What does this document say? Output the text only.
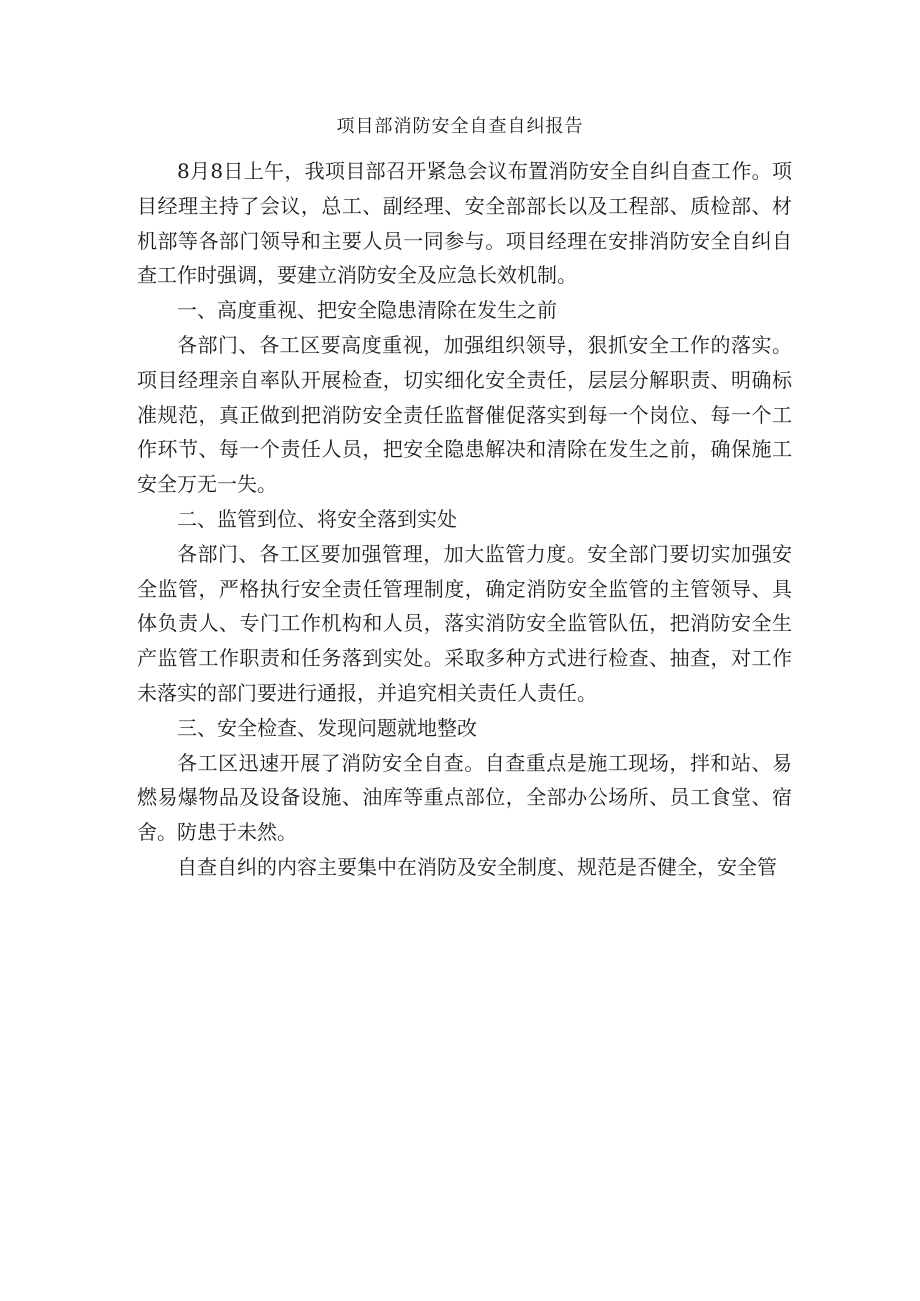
项目部消防安全自查自纠报告

8月8日上午，我项目部召开紧急会议布置消防安全自纠自查工作。项目经理主持了会议，总工、副经理、安全部部长以及工程部、质检部、材机部等各部门领导和主要人员一同参与。项目经理在安排消防安全自纠自查工作时强调，要建立消防安全及应急长效机制。

一、高度重视、把安全隐患清除在发生之前

各部门、各工区要高度重视，加强组织领导，狠抓安全工作的落实。项目经理亲自率队开展检查，切实细化安全责任，层层分解职责、明确标准规范，真正做到把消防安全责任监督催促落实到每一个岗位、每一个工作环节、每一个责任人员，把安全隐患解决和清除在发生之前，确保施工安全万无一失。

二、监管到位、将安全落到实处

各部门、各工区要加强管理，加大监管力度。安全部门要切实加强安全监管，严格执行安全责任管理制度，确定消防安全监管的主管领导、具体负责人、专门工作机构和人员，落实消防安全监管队伍，把消防安全生产监管工作职责和任务落到实处。采取多种方式进行检查、抽查，对工作未落实的部门要进行通报，并追究相关责任人责任。

三、安全检查、发现问题就地整改

各工区迅速开展了消防安全自查。自查重点是施工现场，拌和站、易燃易爆物品及设备设施、油库等重点部位，全部办公场所、员工食堂、宿舍。防患于未然。

自查自纠的内容主要集中在消防及安全制度、规范是否健全，安全管
